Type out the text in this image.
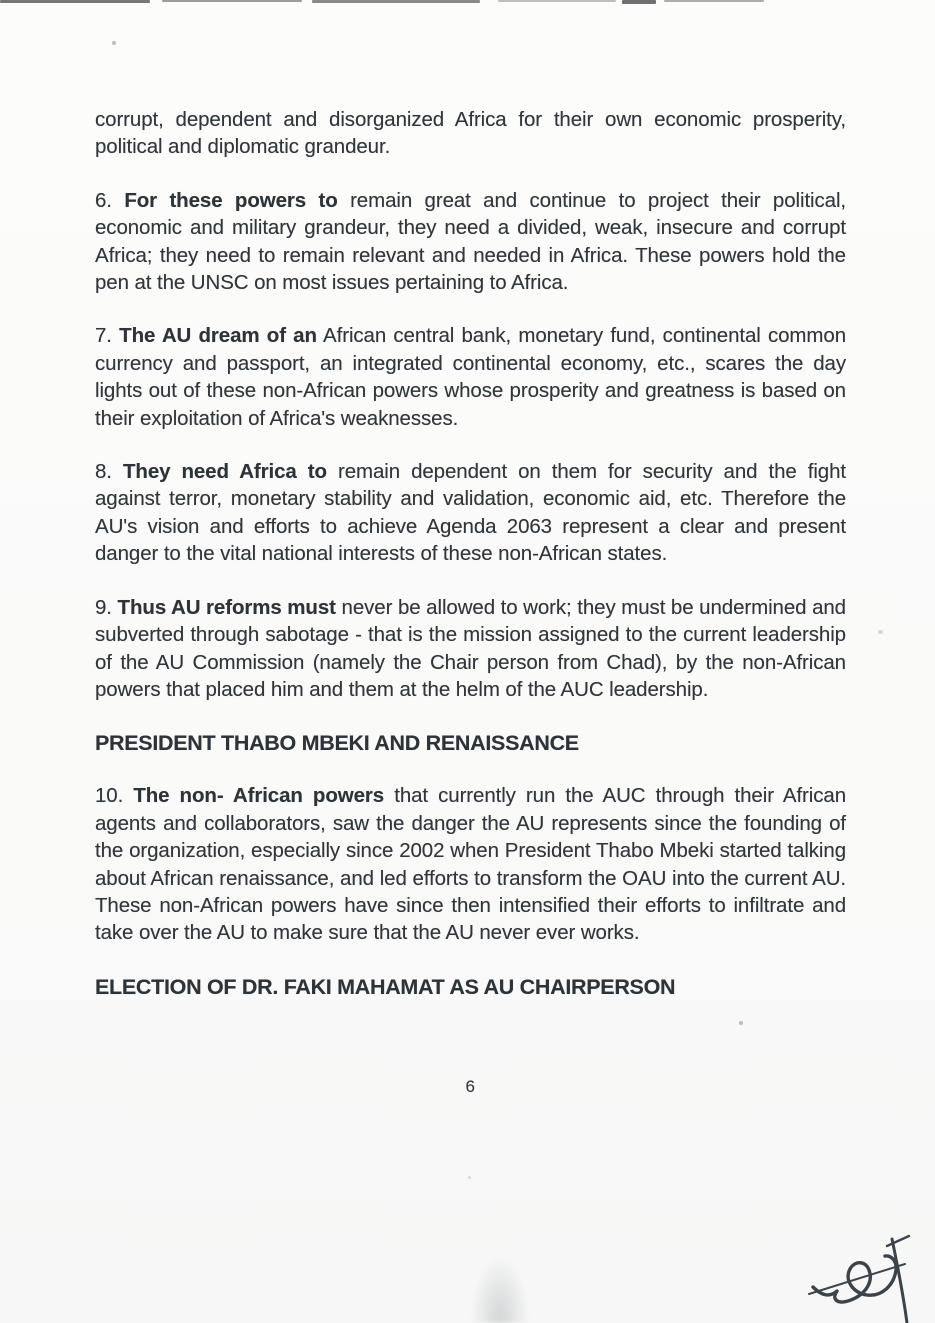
corrupt, dependent and disorganized Africa for their own economic prosperity, political and diplomatic grandeur.

6. For these powers to remain great and continue to project their political, economic and military grandeur, they need a divided, weak, insecure and corrupt Africa; they need to remain relevant and needed in Africa. These powers hold the pen at the UNSC on most issues pertaining to Africa.

7. The AU dream of an African central bank, monetary fund, continental common currency and passport, an integrated continental economy, etc., scares the day lights out of these non-African powers whose prosperity and greatness is based on their exploitation of Africa's weaknesses.

8. They need Africa to remain dependent on them for security and the fight against terror, monetary stability and validation, economic aid, etc. Therefore the AU's vision and efforts to achieve Agenda 2063 represent a clear and present danger to the vital national interests of these non-African states.

9. Thus AU reforms must never be allowed to work; they must be undermined and subverted through sabotage - that is the mission assigned to the current leadership of the AU Commission (namely the Chair person from Chad), by the non-African powers that placed him and them at the helm of the AUC leadership.

PRESIDENT THABO MBEKI AND RENAISSANCE

10. The non- African powers that currently run the AUC through their African agents and collaborators, saw the danger the AU represents since the founding of the organization, especially since 2002 when President Thabo Mbeki started talking about African renaissance, and led efforts to transform the OAU into the current AU. These non-African powers have since then intensified their efforts to infiltrate and take over the AU to make sure that the AU never ever works.

ELECTION OF DR. FAKI MAHAMAT AS AU CHAIRPERSON
6
